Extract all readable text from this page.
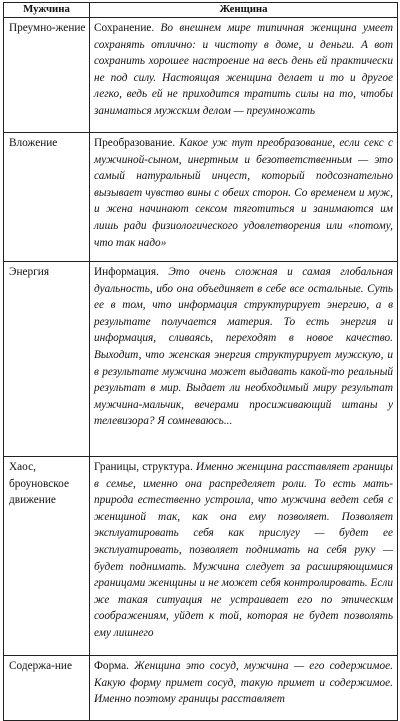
Мужчина	Женщина
Преумно-жение	Сохранение. Во внешнем мире типичная женщина умеет сохранять отлично: и чистоту в доме, и деньги. А вот сохранить хорошее настроение на весь день ей практически не под силу. Настоящая женщина делает и то и другое легко, ведь ей не приходится тратить силы на то, чтобы заниматься мужским делом — преумножать
Вложение	Преобразование. Какое уж тут преобразование, если секс с мужчиной-сыном, инертным и безответственным — это самый натуральный инцест, который подсознательно вызывает чувство вины с обеих сторон. Со временем и муж, и жена начинают сексом тяготиться и занимаются им лишь ради физиологического удовлетворения или «потому, что так надо»
Энергия	Информация. Это очень сложная и самая глобальная дуальность, ибо она объединяет в себе все остальные. Суть ее в том, что информация структурирует энергию, а в результате получается материя. То есть энергия и информация, сливаясь, переходят в новое качество. Выходит, что женская энергия структурирует мужскую, и в результате мужчина может выдавать какой-то реальный результат в мир. Выдает ли необходимый миру результат мужчина-мальчик, вечерами просиживающий штаны у телевизора? Я сомневаюсь...
Хаос, броуновское движение	Границы, структура. Именно женщина расставляет границы в семье, именно она распределяет роли. То есть мать-природа естественно устроила, что мужчина ведет себя с женщиной так, как она ему позволяет. Позволяет эксплуатировать себя как прислугу — будет ее эксплуатировать, позволяет поднимать на себя руку — будет поднимать. Мужчина следует за расширяющимися границами женщины и не может себя контролировать. Если же такая ситуация не устраивает его по этическим соображениям, уйдет к той, которая не будет позволять ему лишнего
Содержа-ние	Форма. Женщина это сосуд, мужчина — его содержимое. Какую форму примет сосуд, такую примет и содержимое. Именно поэтому границы расставляет
